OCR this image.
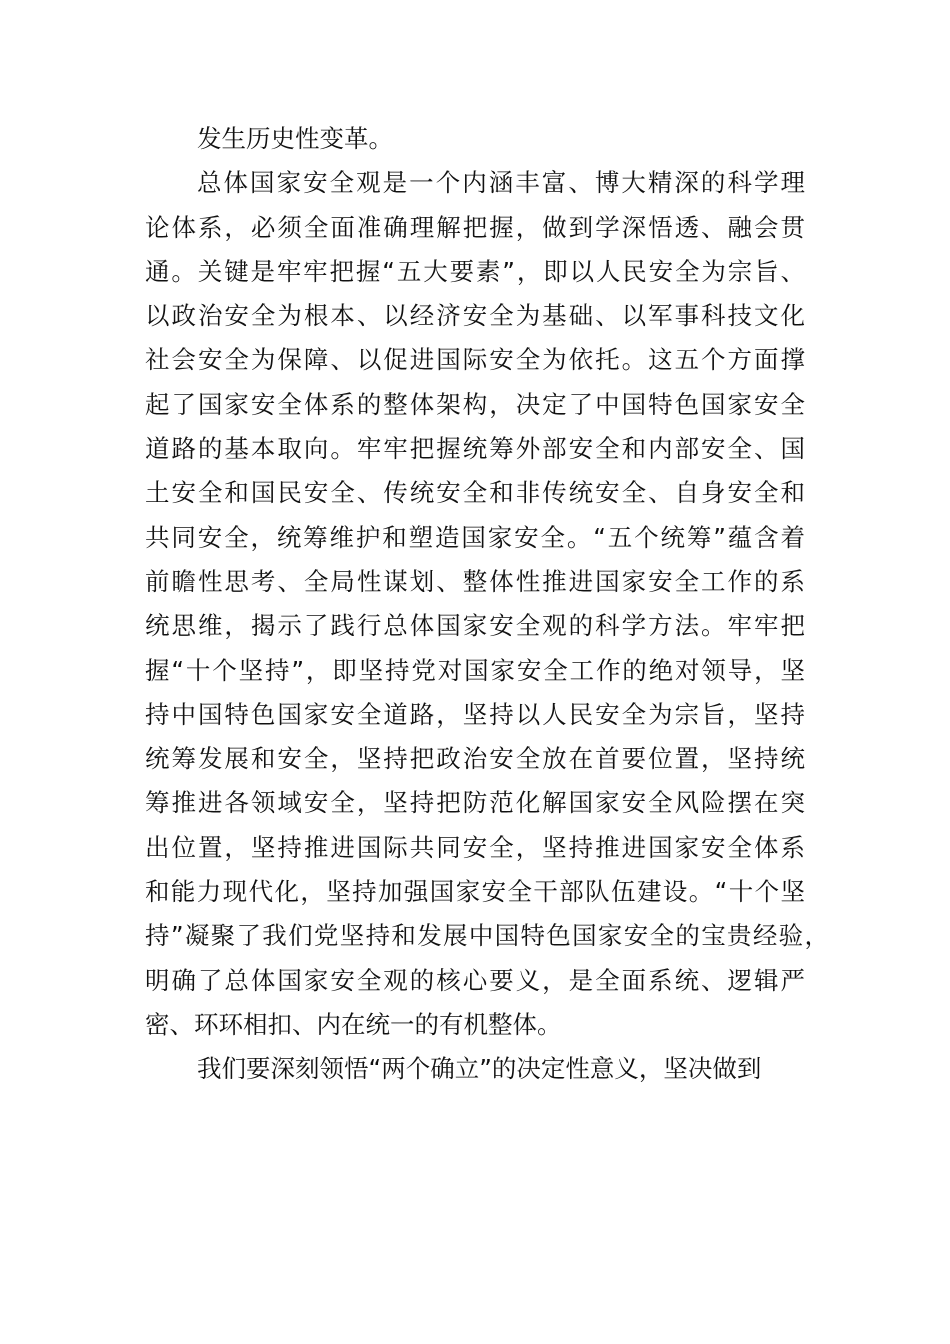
发生历史性变革。
总体国家安全观是一个内涵丰富、博大精深的科学理
论体系，必须全面准确理解把握，做到学深悟透、融会贯
通。关键是牢牢把握“五大要素”，即以人民安全为宗旨、
以政治安全为根本、以经济安全为基础、以军事科技文化
社会安全为保障、以促进国际安全为依托。这五个方面撑
起了国家安全体系的整体架构，决定了中国特色国家安全
道路的基本取向。牢牢把握统筹外部安全和内部安全、国
土安全和国民安全、传统安全和非传统安全、自身安全和
共同安全，统筹维护和塑造国家安全。“五个统筹”蕴含着
前瞻性思考、全局性谋划、整体性推进国家安全工作的系
统思维，揭示了践行总体国家安全观的科学方法。牢牢把
握“十个坚持”，即坚持党对国家安全工作的绝对领导，坚
持中国特色国家安全道路，坚持以人民安全为宗旨，坚持
统筹发展和安全，坚持把政治安全放在首要位置，坚持统
筹推进各领域安全，坚持把防范化解国家安全风险摆在突
出位置，坚持推进国际共同安全，坚持推进国家安全体系
和能力现代化，坚持加强国家安全干部队伍建设。“十个坚
持”凝聚了我们党坚持和发展中国特色国家安全的宝贵经验，
明确了总体国家安全观的核心要义，是全面系统、逻辑严
密、环环相扣、内在统一的有机整体。
我们要深刻领悟“两个确立”的决定性意义，坚决做到
